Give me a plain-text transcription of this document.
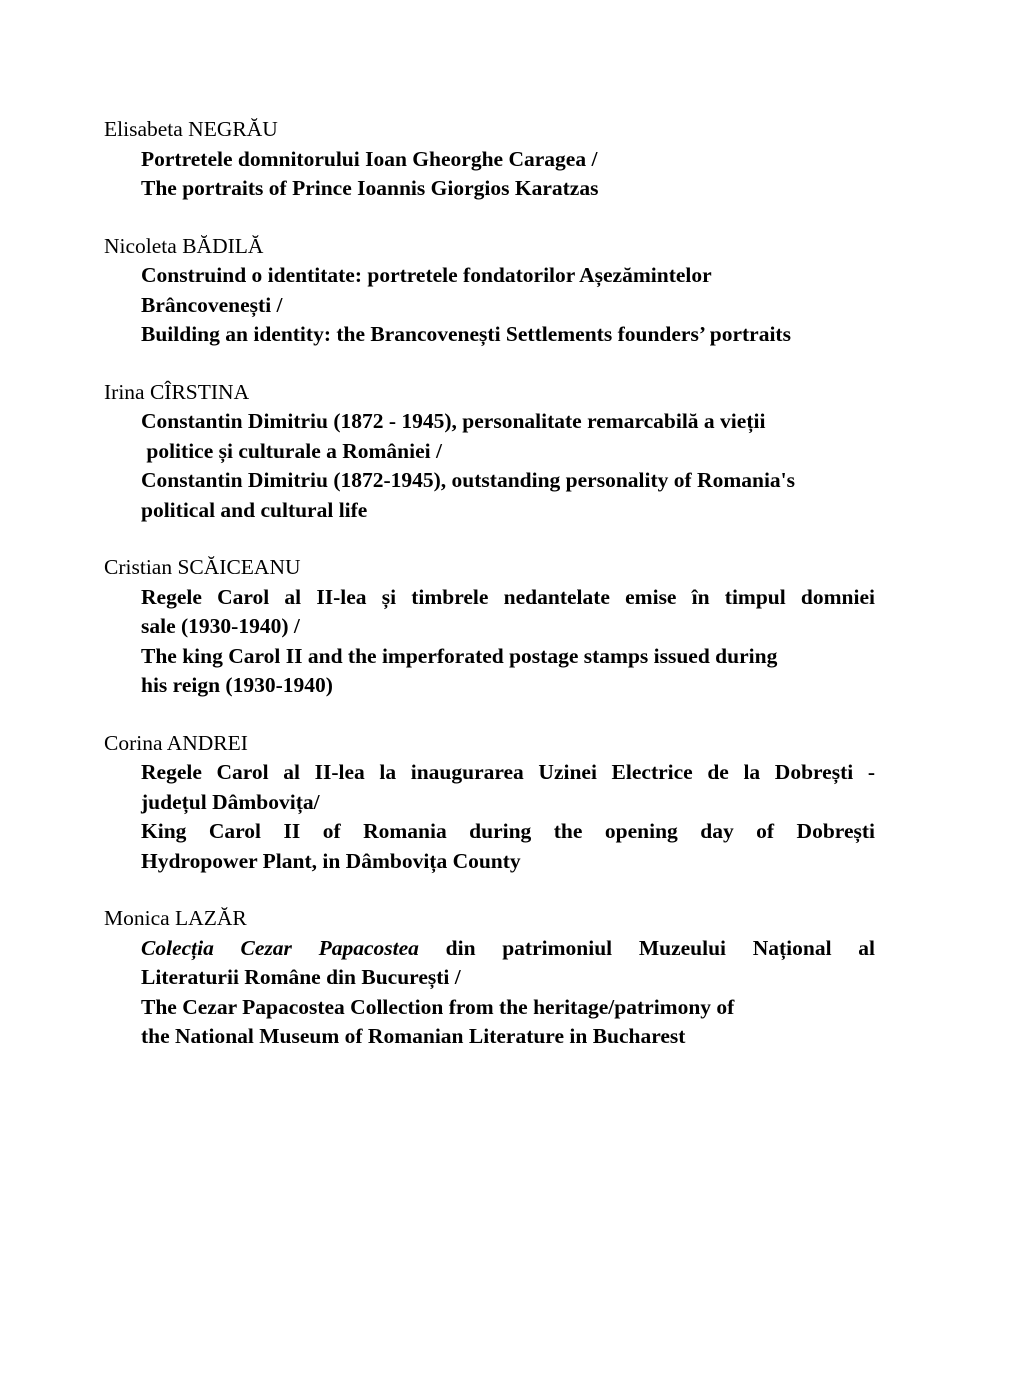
Elisabeta NEGRĂU
Portretele domnitorului Ioan Gheorghe Caragea /
The portraits of Prince Ioannis Giorgios Karatzas
Nicoleta BĂDILĂ
Construind o identitate: portretele fondatorilor Așezămintelor
Brâncovenești /
Building an identity: the Brancovenești Settlements founders’ portraits
Irina CÎRSTINA
Constantin Dimitriu (1872 - 1945), personalitate remarcabilă a vieții
politice și culturale a României /
Constantin Dimitriu (1872-1945), outstanding personality of Romania's
political and cultural life
Cristian SCĂICEANU
Regele Carol al II-lea și timbrele nedantelate emise în timpul domniei
sale (1930-1940) /
The king Carol II and the imperforated postage stamps issued during
his reign (1930-1940)
Corina ANDREI
Regele Carol al II-lea la inaugurarea Uzinei Electrice de la Dobrești -
județul Dâmbovița/
King Carol II of Romania during the opening day of Dobrești
Hydropower Plant, in Dâmbovița County
Monica LAZĂR
Colecția Cezar Papacostea din patrimoniul Muzeului Național al
Literaturii Române din București /
The Cezar Papacostea Collection from the heritage/patrimony of
the National Museum of Romanian Literature in Bucharest
